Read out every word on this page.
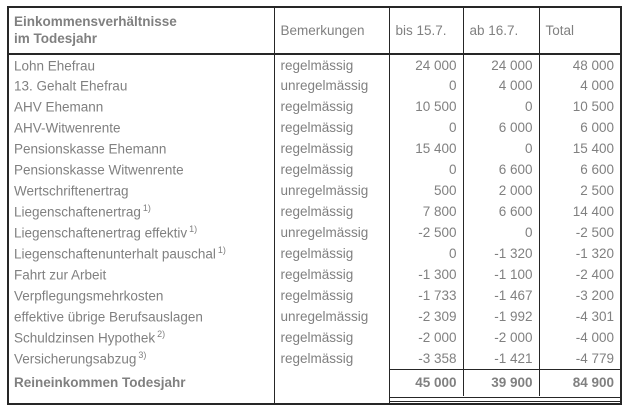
Einkommensverhältnisse
im Todesjahr	Bemerkungen	bis 15.7.	ab 16.7.	Total
Lohn Ehefrau	regelmässig	24 000	24 000	48 000
13. Gehalt Ehefrau	unregelmässig	0	4 000	4 000
AHV Ehemann	regelmässig	10 500	0	10 500
AHV-Witwenrente	regelmässig	0	6 000	6 000
Pensionskasse Ehemann	regelmässig	15 400	0	15 400
Pensionskasse Witwenrente	regelmässig	0	6 600	6 600
Wertschriftenertrag	unregelmässig	500	2 000	2 500
Liegenschaftenertrag $^{1)}$	regelmässig	7 800	6 600	14 400
Liegenschaftenertrag effektiv $^{1)}$	unregelmässig	-2 500	0	-2 500
Liegenschaftenunterhalt pauschal $^{1)}$	regelmässig	0	-1 320	-1 320
Fahrt zur Arbeit	regelmässig	-1 300	-1 100	-2 400
Verpflegungsmehrkosten	regelmässig	-1 733	-1 467	-3 200
effektive übrige Berufsauslagen	unregelmässig	-2 309	-1 992	-4 301
Schuldzinsen Hypothek $^{2)}$	regelmässig	-2 000	-2 000	-4 000
Versicherungsabzug $^{3)}$	regelmässig	-3 358	-1 421	-4 779
Reineinkommen Todesjahr		45 000	39 900	84 900
